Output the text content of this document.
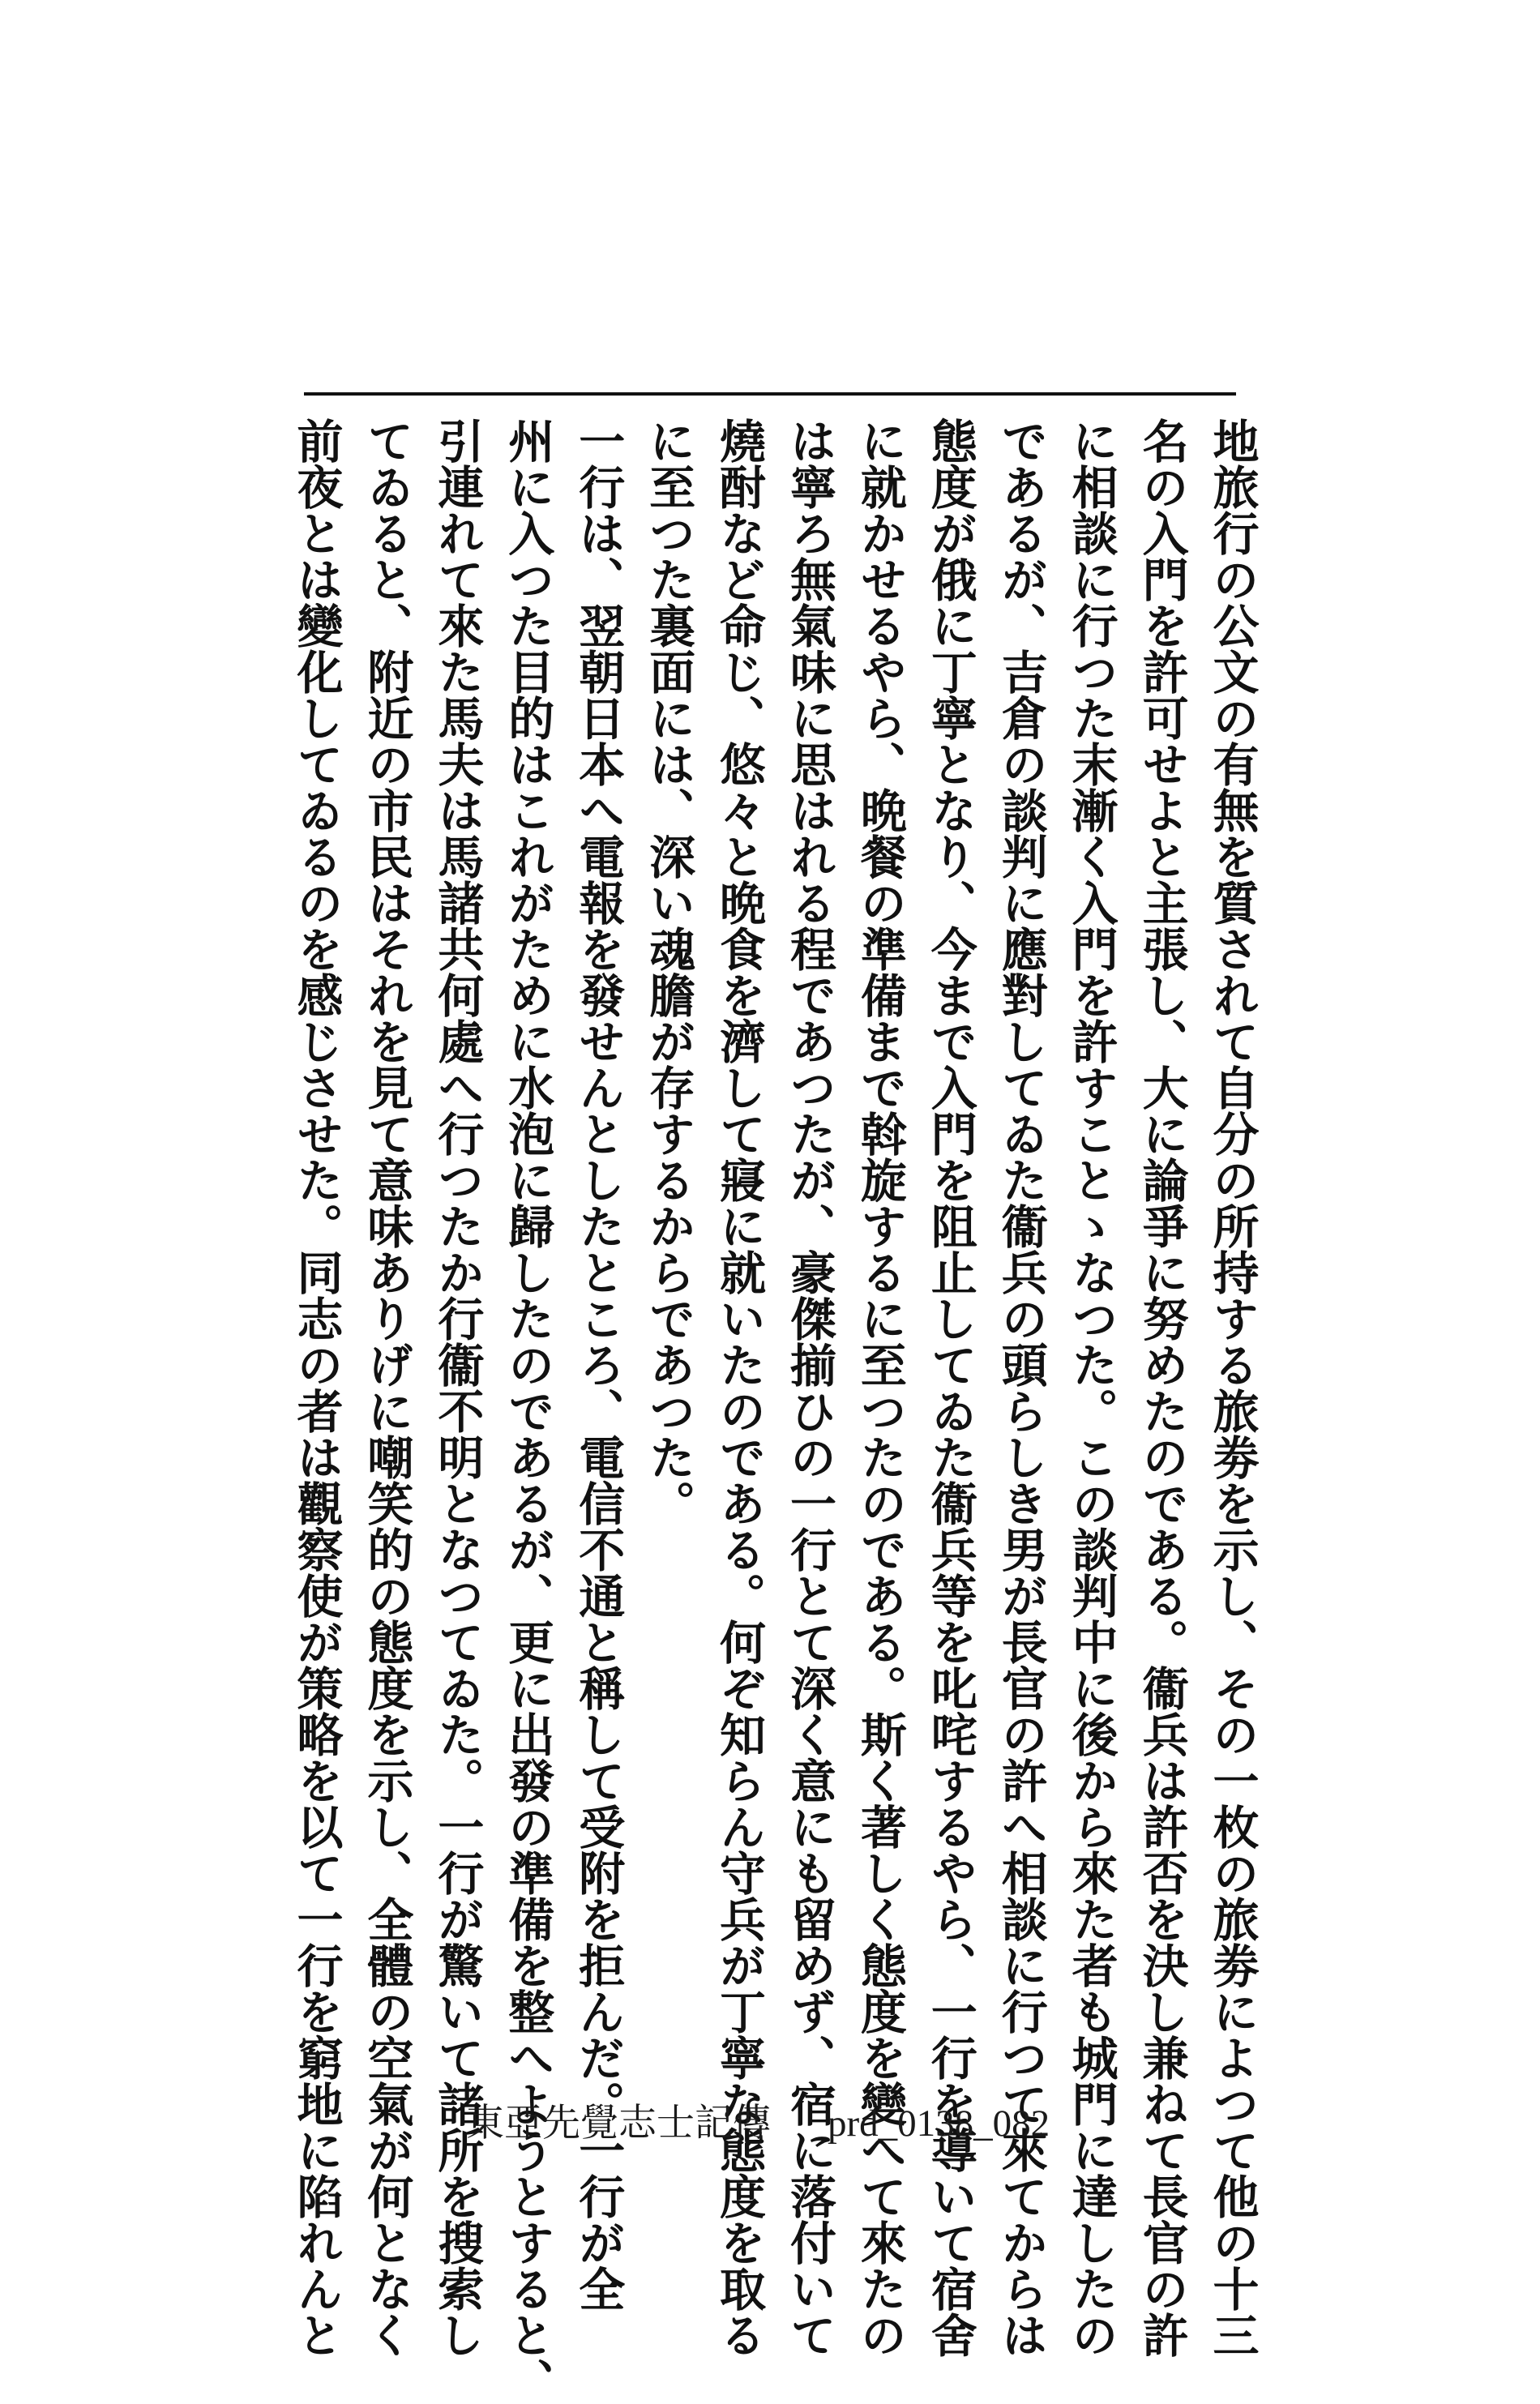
地旅行の公文の有無を質されて自分の所持する旅劵を示し、その一枚の旅劵によつて他の十三
名の入門を許可せよと主張し、大に論爭に努めたのである。衞兵は許否を決し兼ねて長官の許
に相談に行つた末漸く入門を許すことゝなつた。この談判中に後から來た者も城門に達したの
であるが、吉倉の談判に應對してゐた衞兵の頭らしき男が長官の許へ相談に行つて來てからは
態度が俄に丁寧となり、今まで入門を阻止してゐた衞兵等を叱咤するやら、一行を導いて宿舍
に就かせるやら、晩餐の準備まで斡旋するに至つたのである。斯く著しく態度を變へて來たの
は寧ろ無氣味に思はれる程であつたが、豪傑揃ひの一行とて深く意にも留めず、宿に落付いて
燒酎など命じ、悠々と晩食を濟して寢に就いたのである。何ぞ知らん守兵が丁寧な態度を取る
に至つた裏面には、深い魂膽が存するからであつた。
一行は、翌朝日本へ電報を發せんとしたところ、電信不通と稱して受附を拒んだ。一行が全
州に入つた目的はこれがために水泡に歸したのであるが、更に出發の準備を整へようとすると、
引連れて來た馬夫は馬諸共何處へ行つたか行衞不明となつてゐた。一行が驚いて諸所を搜索し
てゐると、附近の市民はそれを見て意味ありげに嘲笑的の態度を示し、全體の空氣が何となく
前夜とは變化してゐるのを感じさせた。同志の者は觀察使が策略を以て一行を窮地に陷れんと	東亞先覺志士記傳 prd_0138_082
